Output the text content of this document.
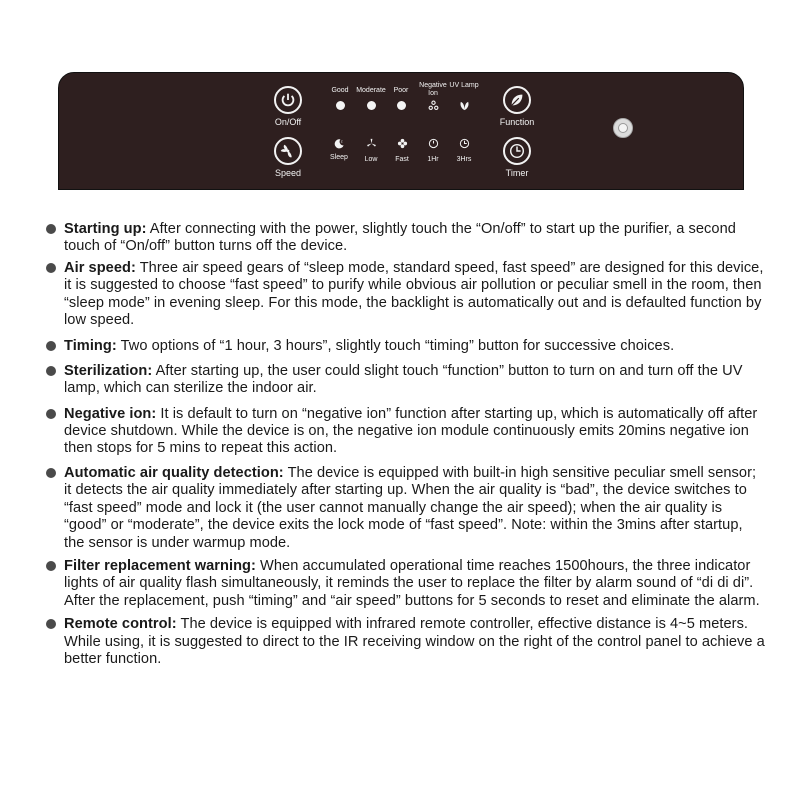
On/Off
Speed
Function
Timer
Good	Moderate	Poor
Negative Ion
UV Lamp
z
Sleep	Low	Fast	1Hr	3Hrs
Starting up: After connecting with the power, slightly touch the “On/off” to start up the purifier, a second touch of “On/off” button turns off the device.
Air speed: Three air speed gears of “sleep mode, standard speed, fast speed” are designed for this device, it is suggested to choose “fast speed” to purify while obvious air pollution or peculiar smell in the room, then “sleep mode” in evening sleep. For this mode, the backlight is automatically out and is defaulted function by low speed.
Timing: Two options of “1 hour, 3 hours”, slightly touch “timing” button for successive choices.
Sterilization: After starting up, the user could slight touch “function” button to turn on and turn off the UV lamp, which can sterilize the indoor air.
Negative ion: It is default to turn on “negative ion” function after starting up, which is automatically off after device shutdown. While the device is on, the negative ion module continuously emits 20mins negative ion then stops for 5 mins to repeat this action.
Automatic air quality detection: The device is equipped with built-in high sensitive peculiar smell sensor; it detects the air quality immediately after starting up. When the air quality is “bad”, the device switches to “fast speed” mode and lock it (the user cannot manually change the air speed); when the air quality is “good” or “moderate”, the device exits the lock mode of “fast speed”. Note: within the 3mins after startup, the sensor is under warmup mode.
Filter replacement warning: When accumulated operational time reaches 1500hours, the three indicator lights of air quality flash simultaneously, it reminds the user to replace the filter by alarm sound of “di di di”. After the replacement, push “timing” and “air speed” buttons for 5 seconds to reset and eliminate the alarm.
Remote control: The device is equipped with infrared remote controller, effective distance is 4~5 meters. While using, it is suggested to direct to the IR receiving window on the right of the control panel to achieve a better function.
